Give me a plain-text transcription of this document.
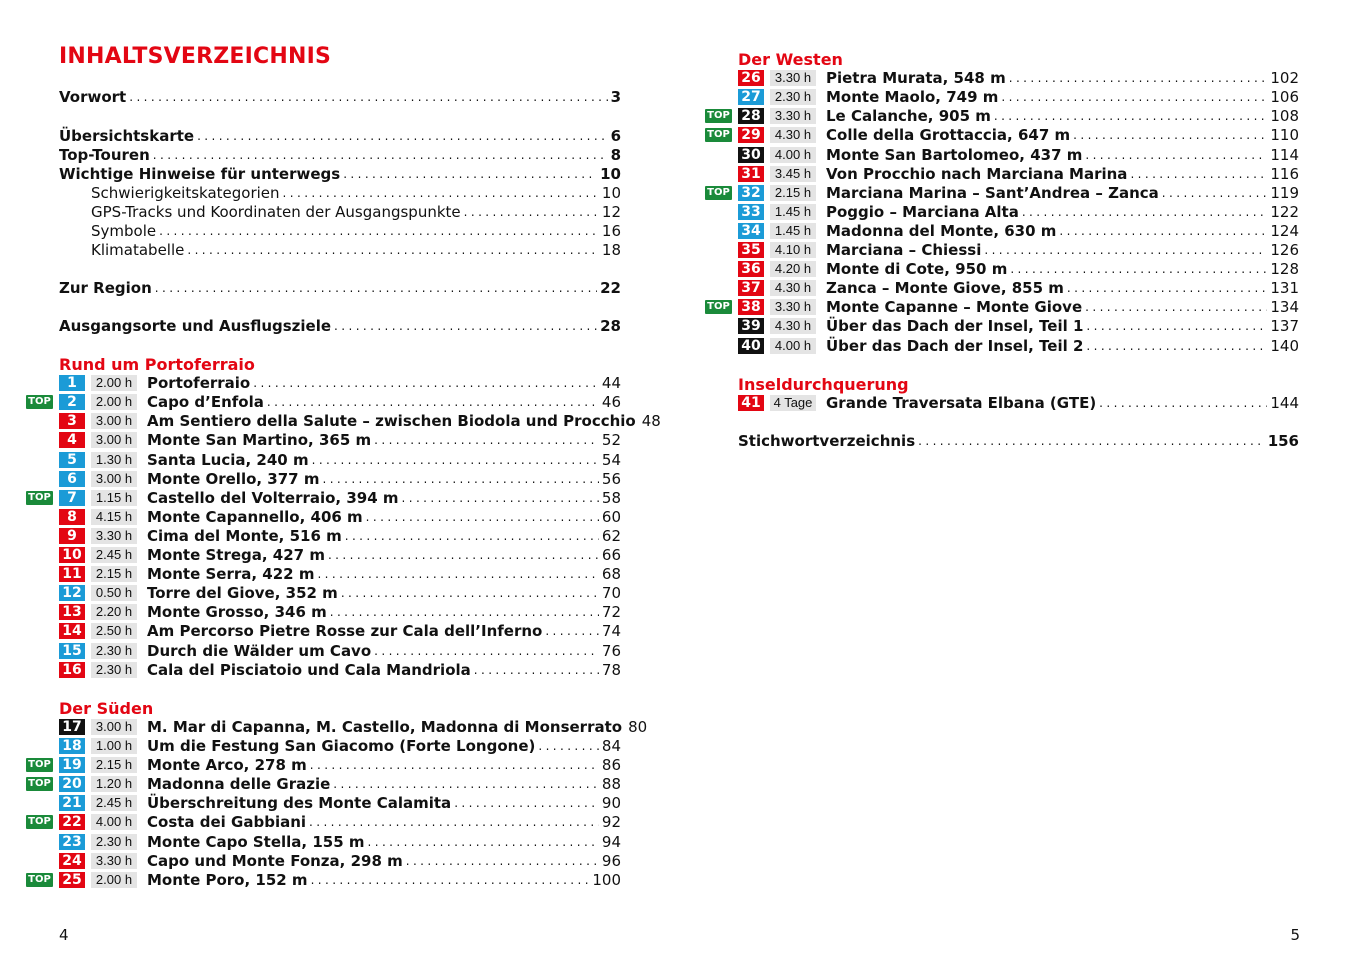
INHALTSVERZEICHNIS
Vorwort .....	3
Übersichtskarte .....	6
Top-Touren .....	8
Wichtige Hinweise für unterwegs .....	10
Schwierigkeitskategorien .....	10
GPS-Tracks und Koordinaten der Ausgangspunkte .....	12
Symbole .....	16
Klimatabelle .....	18
Zur Region .....	22
Ausgangsorte und Ausflugsziele .....	28
Rund um Portoferraio
1	2.00 h Portoferraio .....	44
TOP	2	2.00 h Capo d’Enfola .....	46
3	3.00 h Am Sentiero della Salute – zwischen Biodola und Procchio 48
4	3.00 h Monte San Martino, 365 m .....	52
5	1.30 h Santa Lucia, 240 m .....	54
6	3.00 h Monte Orello, 377 m .....	56
TOP	7	1.15 h Castello del Volterraio, 394 m .....	58
8	4.15 h Monte Capannello, 406 m .....	60
9	3.30 h Cima del Monte, 516 m .....	62
10	2.45 h Monte Strega, 427 m .....	66
11	2.15 h Monte Serra, 422 m .....	68
12	0.50 h Torre del Giove, 352 m .....	70
13	2.20 h Monte Grosso, 346 m .....	72
14	2.50 h Am Percorso Pietre Rosse zur Cala dell’Inferno .....	74
15	2.30 h Durch die Wälder um Cavo .....	76
16	2.30 h Cala del Pisciatoio und Cala Mandriola .....	78
Der Süden
17	3.00 h M. Mar di Capanna, M. Castello, Madonna di Monserrato 80
18	1.00 h Um die Festung San Giacomo (Forte Longone) .....	84
TOP 19	2.15 h Monte Arco, 278 m .....	86
TOP 20	1.20 h Madonna delle Grazie .....	88
21	2.45 h Überschreitung des Monte Calamita .....	90
TOP 22	4.00 h Costa dei Gabbiani .....	92
23	2.30 h Monte Capo Stella, 155 m .....	94
24	3.30 h Capo und Monte Fonza, 298 m .....	96
TOP 25	2.00 h Monte Poro, 152 m .....	100
4
Der Westen
26	3.30 h Pietra Murata, 548 m .....	102
27	2.30 h Monte Maolo, 749 m .....	106
TOP 28	3.30 h Le Calanche, 905 m .....	108
TOP 29	4.30 h Colle della Grottaccia, 647 m .....	110
30	4.00 h Monte San Bartolomeo, 437 m .....	114
31	3.45 h Von Procchio nach Marciana Marina .....	116
TOP 32	2.15 h Marciana Marina – Sant’Andrea – Zanca .....	119
33	1.45 h Poggio – Marciana Alta .....	122
34	1.45 h Madonna del Monte, 630 m .....	124
35	4.10 h Marciana – Chiessi .....	126
36	4.20 h Monte di Cote, 950 m .....	128
37	4.30 h Zanca – Monte Giove, 855 m .....	131
TOP 38	3.30 h Monte Capanne – Monte Giove .....	134
39	4.30 h Über das Dach der Insel, Teil 1 .....	137
40	4.00 h Über das Dach der Insel, Teil 2 .....	140
Inseldurchquerung
41 4 Tage Grande Traversata Elbana (GTE) .....	144
Stichwortverzeichnis .....	156
5
